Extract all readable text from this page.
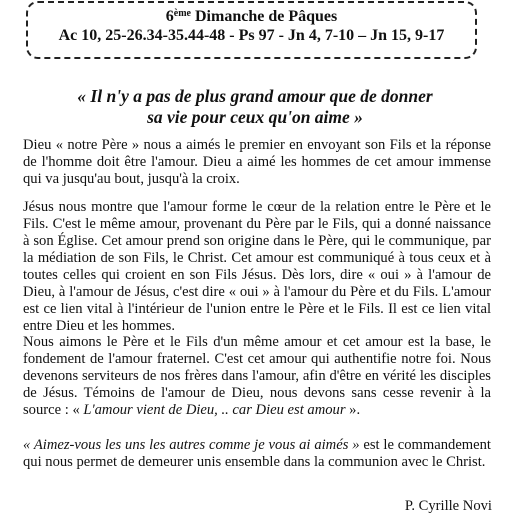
6ème Dimanche de Pâques
Ac 10, 25-26.34-35.44-48 - Ps 97 - Jn 4, 7-10 – Jn 15, 9-17
« Il n'y a pas de plus grand amour que de donner
sa vie pour ceux qu'on aime »
Dieu « notre Père » nous a aimés le premier en envoyant son Fils et la réponse de l'homme doit être l'amour. Dieu a aimé les hommes de cet amour immense qui va jusqu'au bout, jusqu'à la croix.
Jésus nous montre que l'amour forme le cœur de la relation entre le Père et le Fils. C'est le même amour, provenant du Père par le Fils, qui a donné naissance à son Église. Cet amour prend son origine dans le Père, qui le communique, par la médiation de son Fils, le Christ. Cet amour est communiqué à tous ceux et à toutes celles qui croient en son Fils Jésus. Dès lors, dire « oui » à l'amour de Dieu, à l'amour de Jésus, c'est dire « oui » à l'amour du Père et du Fils. L'amour est ce lien vital à l'intérieur de l'union entre le Père et le Fils. Il est ce lien vital entre Dieu et les hommes.
Nous aimons le Père et le Fils d'un même amour et cet amour est la base, le fondement de l'amour fraternel. C'est cet amour qui authentifie notre foi. Nous devenons serviteurs de nos frères dans l'amour, afin d'être en vérité les disciples de Jésus. Témoins de l'amour de Dieu, nous devons sans cesse revenir à la source : « L'amour vient de Dieu, .. car Dieu est amour ».
« Aimez-vous les uns les autres comme je vous ai aimés » est le commandement qui nous permet de demeurer unis ensemble dans la communion avec le Christ.
P. Cyrille Novi
